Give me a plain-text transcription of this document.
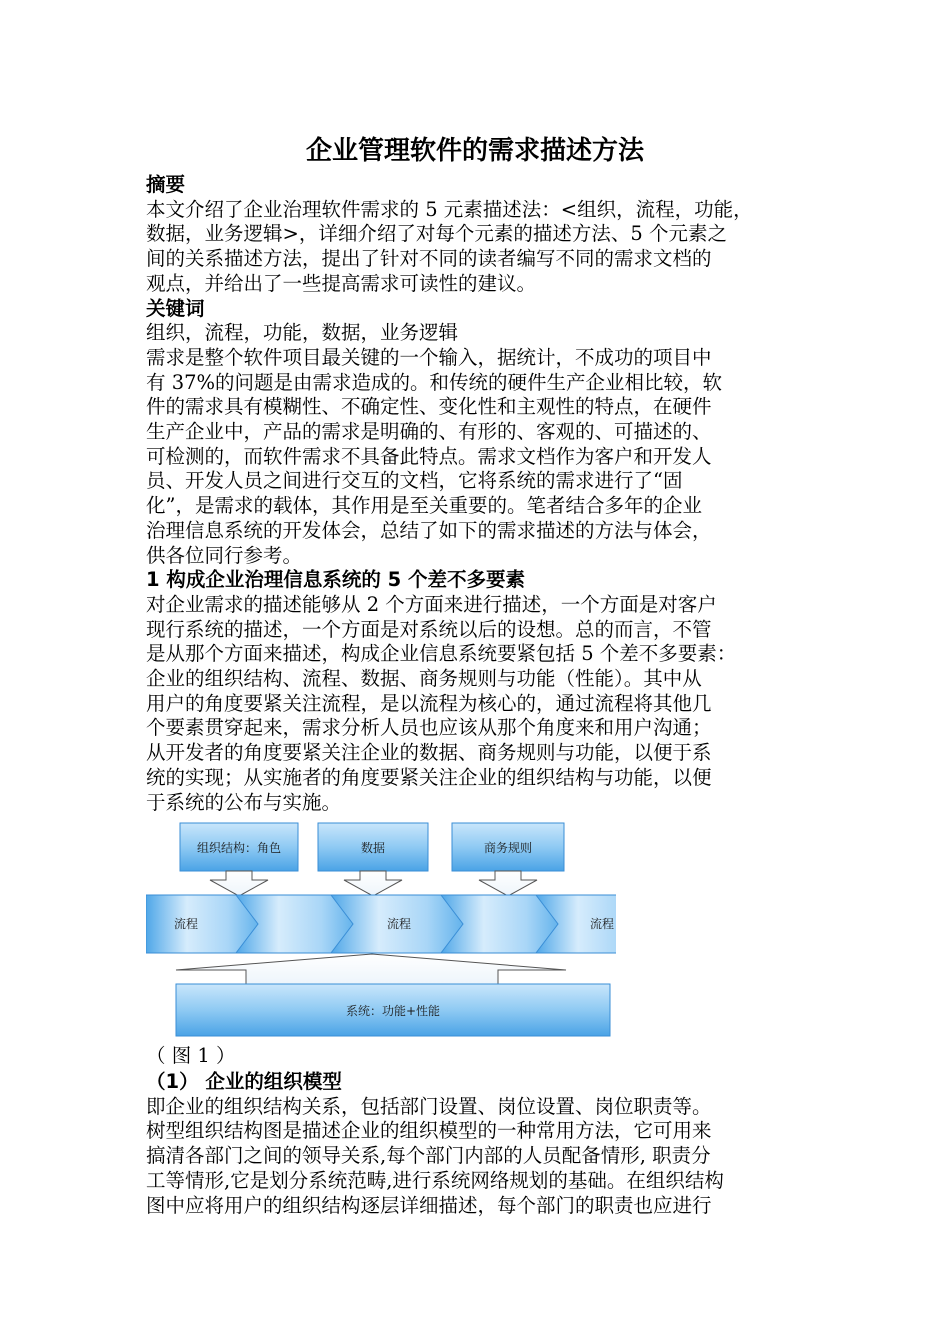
企业管理软件的需求描述方法

摘要

本文介绍了企业治理软件需求的 5 元素描述法：<组织，流程，功能，
数据，业务逻辑>，详细介绍了对每个元素的描述方法、5 个元素之
间的关系描述方法，提出了针对不同的读者编写不同的需求文档的
观点，并给出了一些提高需求可读性的建议。

关键词

组织，流程，功能，数据，业务逻辑

需求是整个软件项目最关键的一个输入，据统计，不成功的项目中
有 37%的问题是由需求造成的。和传统的硬件生产企业相比较，软
件的需求具有模糊性、不确定性、变化性和主观性的特点，在硬件
生产企业中，产品的需求是明确的、有形的、客观的、可描述的、
可检测的，而软件需求不具备此特点。需求文档作为客户和开发人
员、开发人员之间进行交互的文档，它将系统的需求进行了“固
化”，是需求的载体，其作用是至关重要的。笔者结合多年的企业
治理信息系统的开发体会，总结了如下的需求描述的方法与体会，
供各位同行参考。

1 构成企业治理信息系统的 5 个差不多要素

对企业需求的描述能够从 2 个方面来进行描述，一个方面是对客户
现行系统的描述，一个方面是对系统以后的设想。总的而言，不管
是从那个方面来描述，构成企业信息系统要紧包括 5 个差不多要素：
企业的组织结构、流程、数据、商务规则与功能（性能）。其中从
用户的角度要紧关注流程，是以流程为核心的，通过流程将其他几
个要素贯穿起来，需求分析人员也应该从那个角度来和用户沟通；
从开发者的角度要紧关注企业的数据、商务规则与功能，以便于系
统的实现；从实施者的角度要紧关注企业的组织结构与功能，以便
于系统的公布与实施。

组织结构：角色	数据	商务规则
流程	流程	流程
系统：功能+性能
（ 图 1 ）

（1） 企业的组织模型

即企业的组织结构关系，包括部门设置、岗位设置、岗位职责等。
树型组织结构图是描述企业的组织模型的一种常用方法，它可用来
搞清各部门之间的领导关系,每个部门内部的人员配备情形, 职责分
工等情形,它是划分系统范畴,进行系统网络规划的基础。在组织结构
图中应将用户的组织结构逐层详细描述，每个部门的职责也应进行
